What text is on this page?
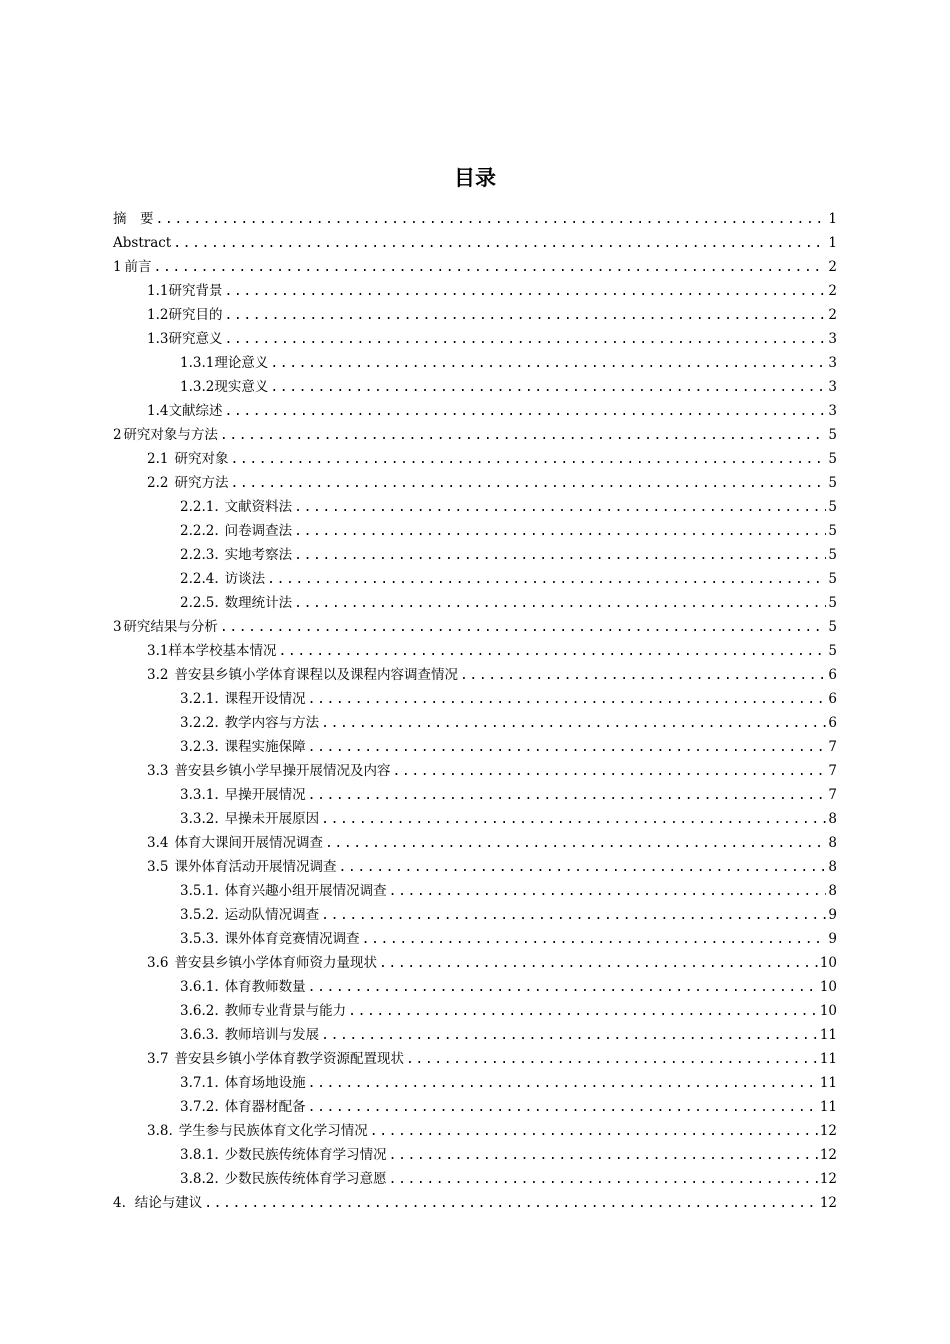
目录
摘　要 .....	1
Abstract .....	1
1 前言 .....	2
1.1 研究背景 .....	2
1.2 研究目的 .....	2
1.3 研究意义 .....	3
1.3.1 理论意义 .....	3
1.3.2 现实意义 .....	3
1.4 文献综述 .....	3
2 研究对象与方法 .....	5
2.1 研究对象 .....	5
2.2 研究方法 .....	5
2.2.1. 文献资料法 .....	5
2.2.2. 问卷调查法 .....	5
2.2.3. 实地考察法 .....	5
2.2.4. 访谈法 .....	5
2.2.5. 数理统计法 .....	5
3 研究结果与分析 .....	5
3.1 样本学校基本情况 .....	5
3.2 普安县乡镇小学体育课程以及课程内容调查情况 .....	6
3.2.1. 课程开设情况 .....	6
3.2.2. 教学内容与方法 .....	6
3.2.3. 课程实施保障 .....	7
3.3 普安县乡镇小学早操开展情况及内容 .....	7
3.3.1. 早操开展情况 .....	7
3.3.2. 早操未开展原因 .....	8
3.4 体育大课间开展情况调查 .....	8
3.5 课外体育活动开展情况调查 .....	8
3.5.1. 体育兴趣小组开展情况调查 .....	8
3.5.2. 运动队情况调查 .....	9
3.5.3. 课外体育竞赛情况调查 .....	9
3.6 普安县乡镇小学体育师资力量现状 .....	10
3.6.1. 体育教师数量 .....	10
3.6.2. 教师专业背景与能力 .....	10
3.6.3. 教师培训与发展 .....	11
3.7 普安县乡镇小学体育教学资源配置现状 .....	11
3.7.1. 体育场地设施 .....	11
3.7.2. 体育器材配备 .....	11
3.8. 学生参与民族体育文化学习情况 .....	12
3.8.1. 少数民族传统体育学习情况 .....	12
3.8.2. 少数民族传统体育学习意愿 .....	12
4. 结论与建议 .....	12
